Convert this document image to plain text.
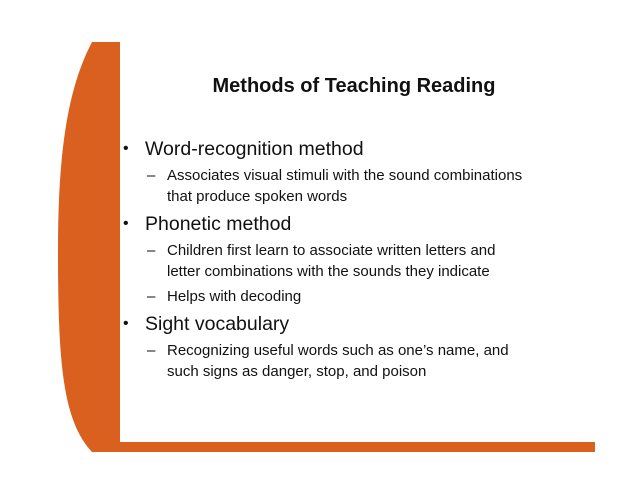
Methods of Teaching Reading
• Word-recognition method
– Associates visual stimuli with the sound combinations
that produce spoken words
• Phonetic method
– Children first learn to associate written letters and
letter combinations with the sounds they indicate
– Helps with decoding
• Sight vocabulary
– Recognizing useful words such as one’s name, and
such signs as danger, stop, and poison
